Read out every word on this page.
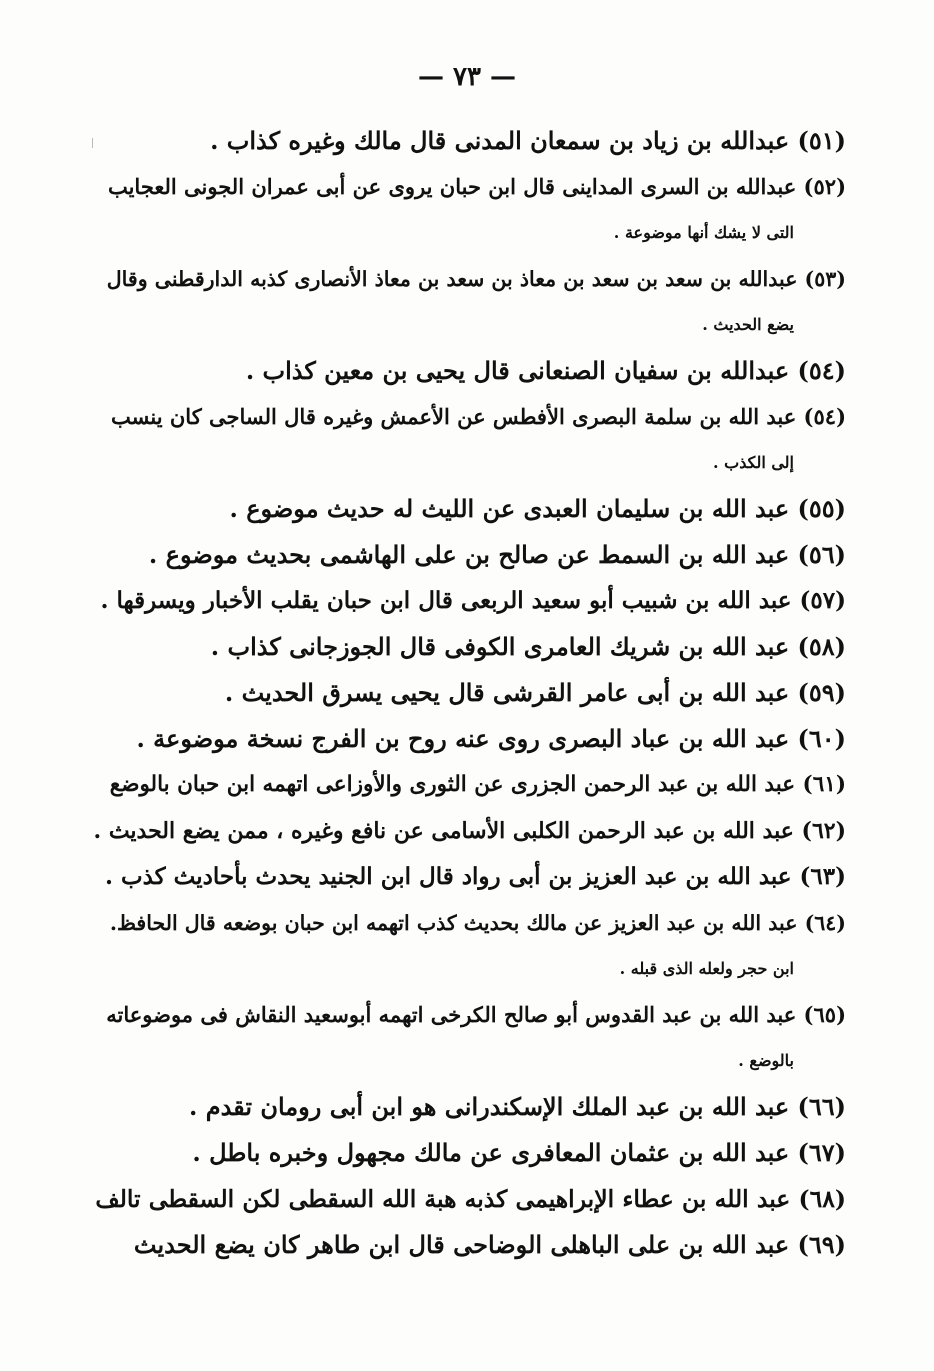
— ٧٣ —

(٥١) عبدالله بن زياد بن سمعان المدنى قال مالك وغيره كذاب .

(٥٢) عبدالله بن السرى المداينى قال ابن حبان يروى عن أبى عمران الجونى العجايب
التى لا يشك أنها موضوعة .

(٥٣) عبدالله بن سعد بن سعد بن معاذ بن سعد بن معاذ الأنصارى كذبه الدارقطنى وقال
يضع الحديث .

(٥٤) عبدالله بن سفيان الصنعانى قال يحيى بن معين كذاب .

(٥٤) عبد الله بن سلمة البصرى الأفطس عن الأعمش وغيره قال الساجى كان ينسب
إلى الكذب .

(٥٥) عبد الله بن سليمان العبدى عن الليث له حديث موضوع .

(٥٦) عبد الله بن السمط عن صالح بن على الهاشمى بحديث موضوع .

(٥٧) عبد الله بن شبيب أبو سعيد الربعى قال ابن حبان يقلب الأخبار ويسرقها .

(٥٨) عبد الله بن شريك العامرى الكوفى قال الجوزجانى كذاب .

(٥٩) عبد الله بن أبى عامر القرشى قال يحيى يسرق الحديث .

(٦٠) عبد الله بن عباد البصرى روى عنه روح بن الفرج نسخة موضوعة .

(٦١) عبد الله بن عبد الرحمن الجزرى عن الثورى والأوزاعى اتهمه ابن حبان بالوضع

(٦٢) عبد الله بن عبد الرحمن الكلبى الأسامى عن نافع وغيره ، ممن يضع الحديث .

(٦٣) عبد الله بن عبد العزيز بن أبى رواد قال ابن الجنيد يحدث بأحاديث كذب .

(٦٤) عبد الله بن عبد العزيز عن مالك بحديث كذب اتهمه ابن حبان بوضعه قال الحافظ.
ابن حجر ولعله الذى قبله .

(٦٥) عبد الله بن عبد القدوس أبو صالح الكرخى اتهمه أبوسعيد النقاش فى موضوعاته
بالوضع .

(٦٦) عبد الله بن عبد الملك الإسكندرانى هو ابن أبى رومان تقدم .

(٦٧) عبد الله بن عثمان المعافرى عن مالك مجهول وخبره باطل .

(٦٨) عبد الله بن عطاء الإبراهيمى كذبه هبة الله السقطى لكن السقطى تالف

(٦٩) عبد الله بن على الباهلى الوضاحى قال ابن طاهر كان يضع الحديث
